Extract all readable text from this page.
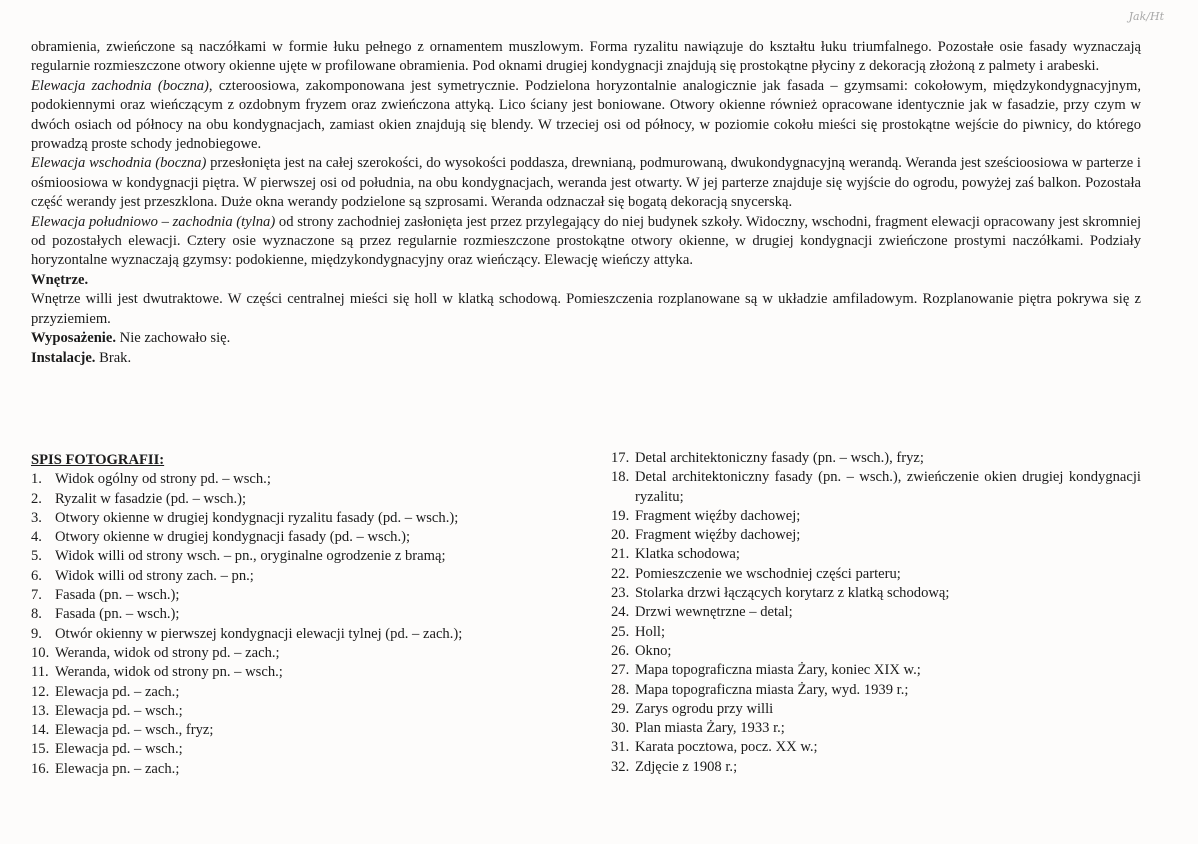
Jak/Ht

obramienia, zwieńczone są naczółkami w formie łuku pełnego z ornamentem muszlowym. Forma ryzalitu nawiązuje do kształtu łuku triumfalnego. Pozostałe osie fasady wyznaczają regularnie rozmieszczone otwory okienne ujęte w profilowane obramienia. Pod oknami drugiej kondygnacji znajdują się prostokątne płyciny z dekoracją złożoną z palmety i arabeski.

Elewacja zachodnia (boczna), czteroosiowa, zakomponowana jest symetrycznie. Podzielona horyzontalnie analogicznie jak fasada – gzymsami: cokołowym, międzykondygnacyjnym, podokiennymi oraz wieńczącym z ozdobnym fryzem oraz zwieńczona attyką. Lico ściany jest boniowane. Otwory okienne również opracowane identycznie jak w fasadzie, przy czym w dwóch osiach od północy na obu kondygnacjach, zamiast okien znajdują się blendy. W trzeciej osi od północy, w poziomie cokołu mieści się prostokątne wejście do piwnicy, do którego prowadzą proste schody jednobiegowe.

Elewacja wschodnia (boczna) przesłonięta jest na całej szerokości, do wysokości poddasza, drewnianą, podmurowaną, dwukondygnacyjną werandą. Weranda jest sześcioosiowa w parterze i ośmioosiowa w kondygnacji piętra. W pierwszej osi od południa, na obu kondygnacjach, weranda jest otwarty. W jej parterze znajduje się wyjście do ogrodu, powyżej zaś balkon. Pozostała część werandy jest przeszklona. Duże okna werandy podzielone są szprosami. Weranda odznaczał się bogatą dekoracją snycerską.

Elewacja południowo – zachodnia (tylna) od strony zachodniej zasłonięta jest przez przylegający do niej budynek szkoły. Widoczny, wschodni, fragment elewacji opracowany jest skromniej od pozostałych elewacji. Cztery osie wyznaczone są przez regularnie rozmieszczone prostokątne otwory okienne, w drugiej kondygnacji zwieńczone prostymi naczółkami. Podziały horyzontalne wyznaczają gzymsy: podokienne, międzykondygnacyjny oraz wieńczący. Elewację wieńczy attyka.

Wnętrze.

Wnętrze willi jest dwutraktowe. W części centralnej mieści się holl w klatką schodową. Pomieszczenia rozplanowane są w układzie amfiladowym. Rozplanowanie piętra pokrywa się z przyziemiem.

Wyposażenie. Nie zachowało się.

Instalacje. Brak.

SPIS FOTOGRAFII:

1. Widok ogólny od strony pd. – wsch.;
2. Ryzalit w fasadzie (pd. – wsch.);
3. Otwory okienne w drugiej kondygnacji ryzalitu fasady (pd. – wsch.);
4. Otwory okienne w drugiej kondygnacji fasady (pd. – wsch.);
5. Widok willi od strony wsch. – pn., oryginalne ogrodzenie z bramą;
6. Widok willi od strony zach. – pn.;
7. Fasada (pn. – wsch.);
8. Fasada (pn. – wsch.);
9. Otwór okienny w pierwszej kondygnacji elewacji tylnej (pd. – zach.);
10. Weranda, widok od strony pd. – zach.;
11. Weranda, widok od strony pn. – wsch.;
12. Elewacja pd. – zach.;
13. Elewacja pd. – wsch.;
14. Elewacja pd. – wsch., fryz;
15. Elewacja pd. – wsch.;
16. Elewacja pn. – zach.;
17. Detal architektoniczny fasady (pn. – wsch.), fryz;
18. Detal architektoniczny fasady (pn. – wsch.), zwieńczenie okien drugiej kondygnacji ryzalitu;
19. Fragment więźby dachowej;
20. Fragment więźby dachowej;
21. Klatka schodowa;
22. Pomieszczenie we wschodniej części parteru;
23. Stolarka drzwi łączących korytarz z klatką schodową;
24. Drzwi wewnętrzne – detal;
25. Holl;
26. Okno;
27. Mapa topograficzna miasta Żary, koniec XIX w.;
28. Mapa topograficzna miasta Żary, wyd. 1939 r.;
29. Zarys ogrodu przy willi
30. Plan miasta Żary, 1933 r.;
31. Karata pocztowa, pocz. XX w.;
32. Zdjęcie z 1908 r.;
